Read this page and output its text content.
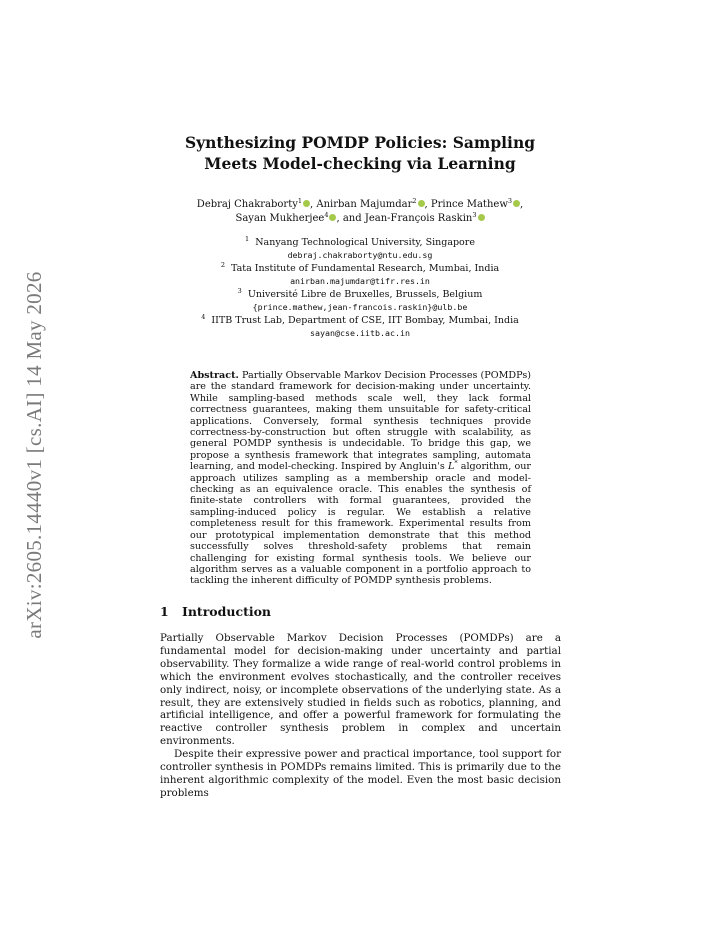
arXiv:2605.14440v1 [cs.AI] 14 May 2026
Synthesizing POMDP Policies: Sampling Meets Model-checking via Learning
Debraj Chakraborty$^1$ , Anirban Majumdar$^2$ , Prince Mathew$^3$ ,
Sayan Mukherjee$^4$ , and Jean-François Raskin$^3$
$^1$ Nanyang Technological University, Singapore
debraj.chakraborty@ntu.edu.sg
$^2$ Tata Institute of Fundamental Research, Mumbai, India
anirban.majumdar@tifr.res.in
$^3$ Université Libre de Bruxelles, Brussels, Belgium
{prince.mathew,jean-francois.raskin}@ulb.be
$^4$ IITB Trust Lab, Department of CSE, IIT Bombay, Mumbai, India
sayan@cse.iitb.ac.in
Abstract. Partially Observable Markov Decision Processes (POMDPs) are the standard framework for decision-making under uncertainty. While sampling-based methods scale well, they lack formal correctness guarantees, making them unsuitable for safety-critical applications. Conversely, formal synthesis techniques provide correctness-by-construction but often struggle with scalability, as general POMDP synthesis is undecidable. To bridge this gap, we propose a synthesis framework that integrates sampling, automata learning, and model-checking. Inspired by Angluin's L* algorithm, our approach utilizes sampling as a membership oracle and model-checking as an equivalence oracle. This enables the synthesis of finite-state controllers with formal guarantees, provided the sampling-induced policy is regular. We establish a relative completeness result for this framework. Experimental results from our prototypical implementation demonstrate that this method successfully solves threshold-safety problems that remain challenging for existing formal synthesis tools. We believe our algorithm serves as a valuable component in a portfolio approach to tackling the inherent difficulty of POMDP synthesis problems.
1 Introduction

Partially Observable Markov Decision Processes (POMDPs) are a fundamental model for decision-making under uncertainty and partial observability. They formalize a wide range of real-world control problems in which the environment evolves stochastically, and the controller receives only indirect, noisy, or incomplete observations of the underlying state. As a result, they are extensively studied in fields such as robotics, planning, and artificial intelligence, and offer a powerful framework for formulating the reactive controller synthesis problem in complex and uncertain environments.

Despite their expressive power and practical importance, tool support for controller synthesis in POMDPs remains limited. This is primarily due to the inherent algorithmic complexity of the model. Even the most basic decision problems
